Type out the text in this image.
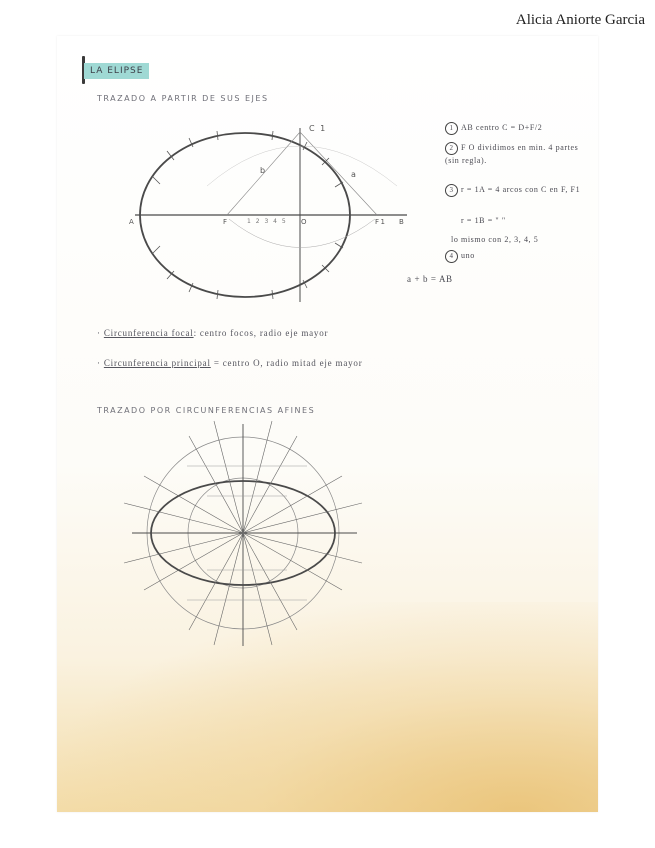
Alicia Aniorte Garcia
LA ELIPSE
TRAZADO A PARTIR DE SUS EJES
C 1
b	a
O
F	F1
1 2 3 4 5
A	B
1 AB centro C = D+F/2
2 F O dividimos en min. 4 partes (sin regla).
3 r = 1A = 4 arcos con C en F, F1
r = 1B = " "
lo mismo con 2, 3, 4, 5
4 uno
a + b = AB
· Circunferencia focal: centro focos, radio eje mayor
· Circunferencia principal = centro O, radio mitad eje mayor
TRAZADO POR CIRCUNFERENCIAS AFINES
